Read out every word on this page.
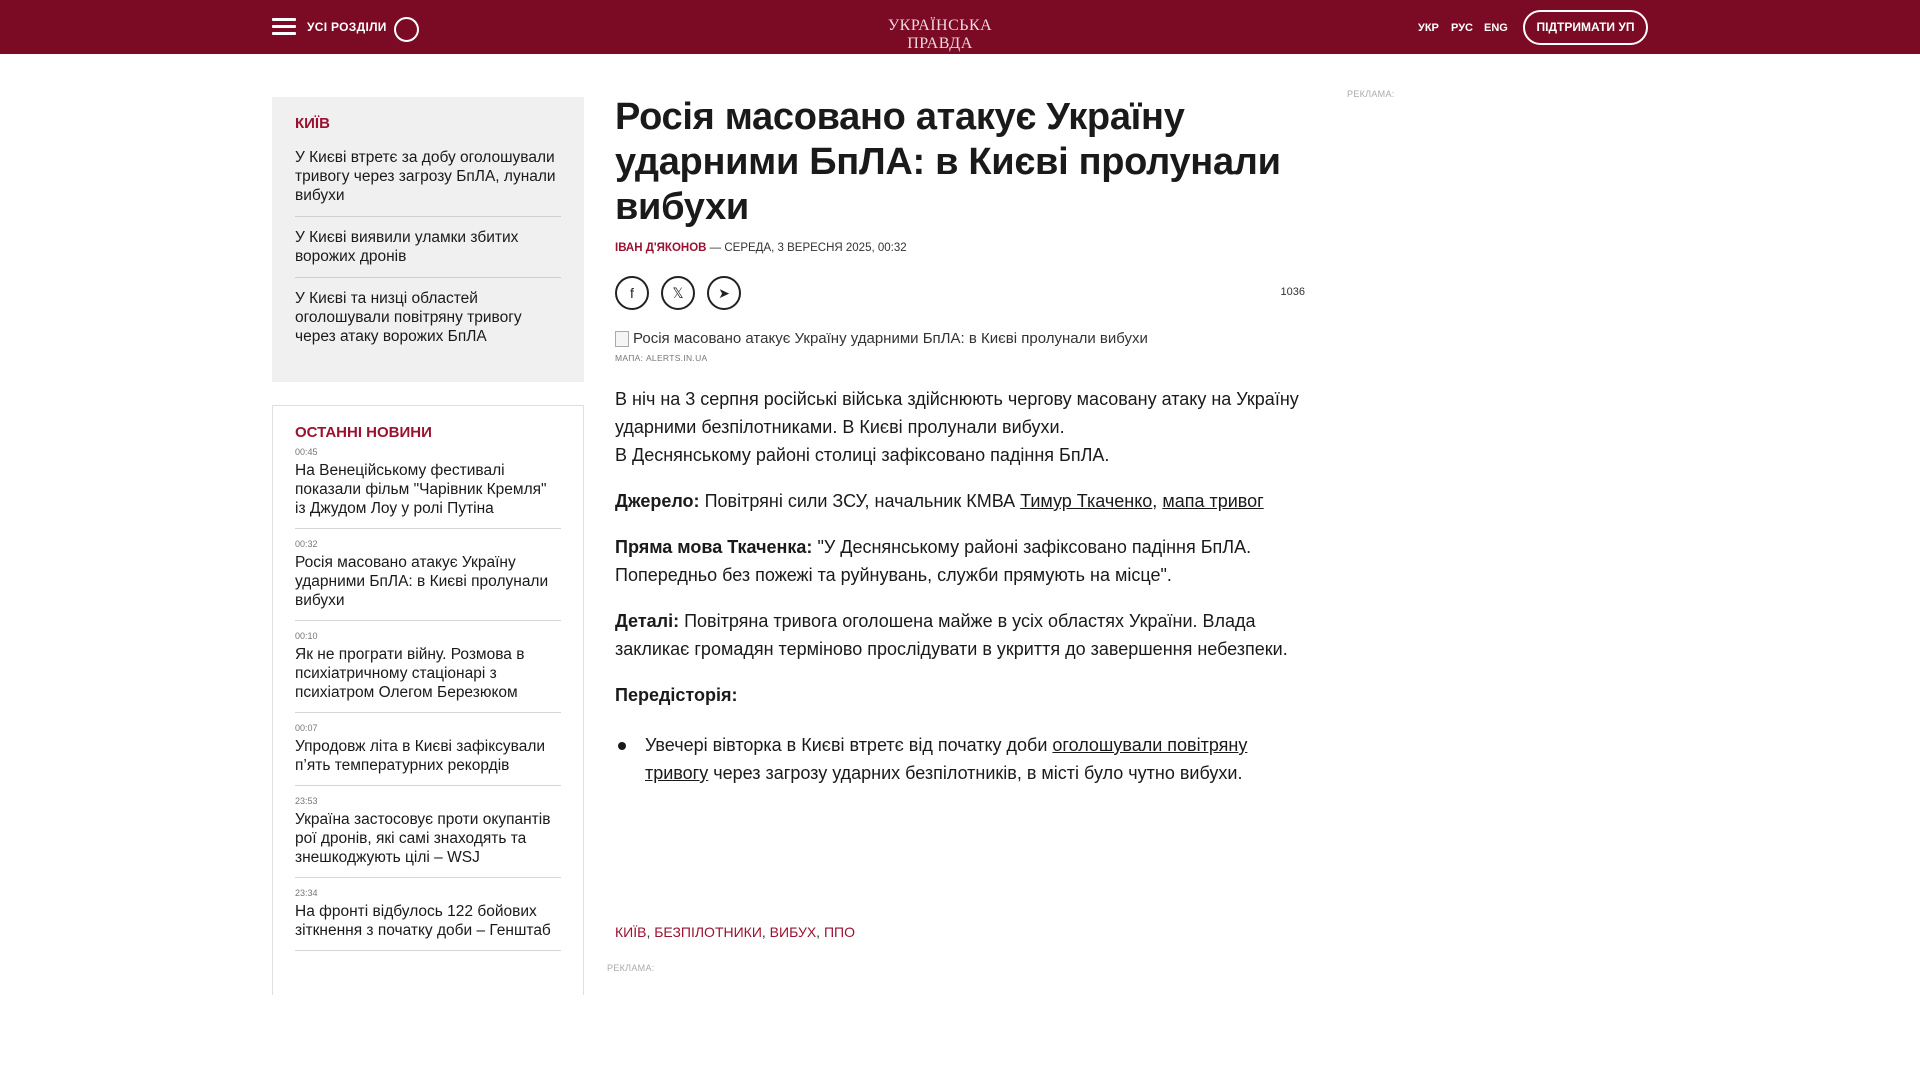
УСІ РОЗДІЛИ	УКРАЇНСЬКА ПРАВДА
УКР РУС ENG	ПІДТРИМАТИ УП
КИЇВ
У Києві втретє за добу оголошували тривогу через загрозу БпЛА, лунали вибухи
У Києві виявили уламки збитих ворожих дронів
У Києві та низці областей оголошували повітряну тривогу через атаку ворожих БпЛА
ОСТАННІ НОВИНИ
00:45
На Венеційському фестивалі показали фільм "Чарівник Кремля" із Джудом Лоу у ролі Путіна
00:32
Росія масовано атакує Україну ударними БпЛА: в Києві пролунали вибухи
00:10
Як не програти війну. Розмова в психіатричному стаціонарі з психіатром Олегом Березюком
00:07
Упродовж літа в Києві зафіксували п’ять температурних рекордів
23:53
Україна застосовує проти окупантів рої дронів, які самі знаходять та знешкоджують цілі – WSJ
23:34
На фронті відбулось 122 бойових зіткнення з початку доби – Генштаб
Росія масовано атакує Україну ударними БпЛА: в Києві пролунали вибухи
ІВАН Д'ЯКОНОВ — СЕРЕДА, 3 ВЕРЕСНЯ 2025, 00:32
f	𝕏	➤	1036
Росія масовано атакує Україну ударними БпЛА: в Києві пролунали вибухи
МАПА: ALERTS.IN.UA

В ніч на 3 серпня російські війська здійснюють чергову масовану атаку на Україну ударними безпілотниками. В Києві пролунали вибухи.
В Деснянському районі столиці зафіксовано падіння БпЛА.

Джерело: Повітряні сили ЗСУ, начальник КМВА Тимур Ткаченко, мапа тривог

Пряма мова Ткаченка: "У Деснянському районі зафіксовано падіння БпЛА. Попередньо без пожежі та руйнувань, служби прямують на місце".

Деталі: Повітряна тривога оголошена майже в усіх областях України. Влада закликає громадян терміново прослідувати в укриття до завершення небезпеки.

Передісторія:

Увечері вівторка в Києві втретє від початку доби оголошували повітряну тривогу через загрозу ударних безпілотників, в місті було чутно вибухи.
КИЇВ, БЕЗПІЛОТНИКИ, ВИБУХ, ППО
РЕКЛАМА:
РЕКЛАМА:
